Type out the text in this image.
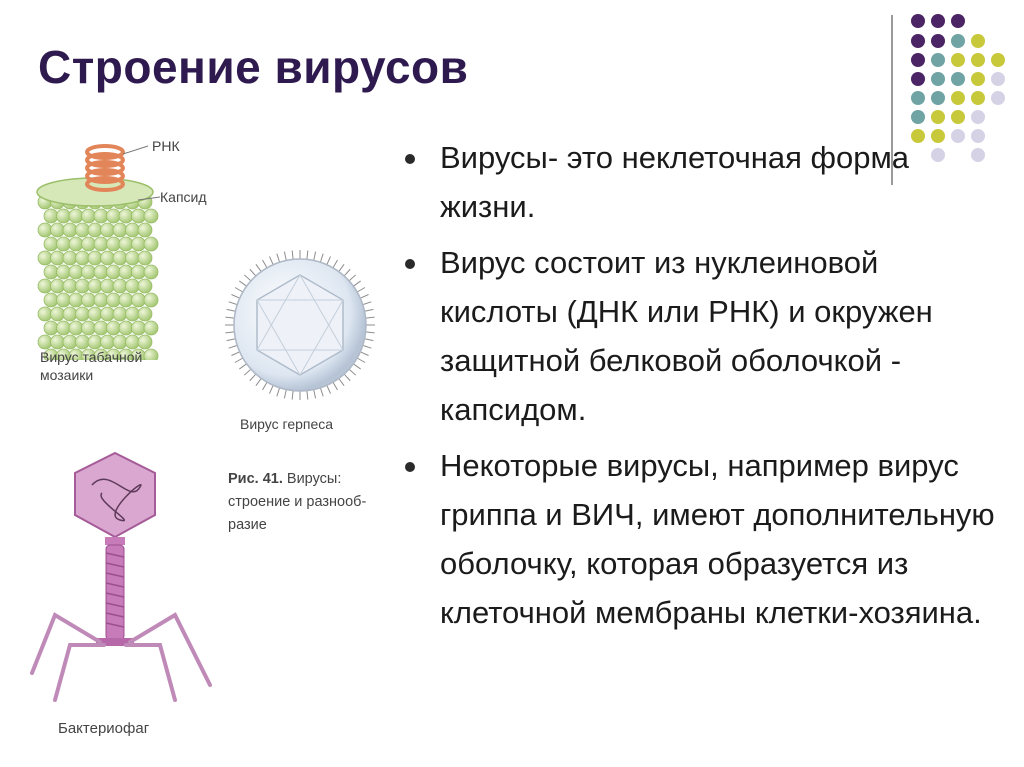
Строение вирусов
Вирусы- это неклеточная форма жизни.
Вирус состоит из нуклеиновой кислоты (ДНК или РНК) и окружен защитной белковой оболочкой - капсидом.
Некоторые вирусы, например вирус гриппа и ВИЧ, имеют дополнительную оболочку, которая образуется из клеточной мембраны клетки-хозяина.
РНК
Капсид
Вирус табачной
мозаики
Вирус герпеса
Рис. 41. Вирусы:
строение и разнооб-
разие
Бактериофаг
